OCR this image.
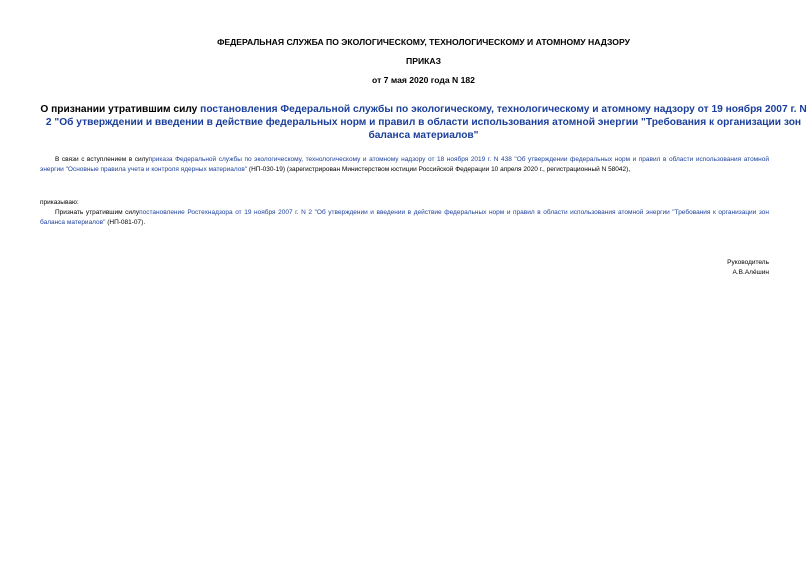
ФЕДЕРАЛЬНАЯ СЛУЖБА ПО ЭКОЛОГИЧЕСКОМУ, ТЕХНОЛОГИЧЕСКОМУ И АТОМНОМУ НАДЗОРУ
ПРИКАЗ
от 7 мая 2020 года N 182
О признании утратившим силу постановления Федеральной службы по экологическому, технологическому и атомному надзору от 19 ноября 2007 г. N 2 "Об утверждении и введении в действие федеральных норм и правил в области использования атомной энергии "Требования к организации зон баланса материалов"
В связи с вступлением в силуприказа Федеральной службы по экологическому, технологическому и атомному надзору от 18 ноября 2019 г. N 438 "Об утверждении федеральных норм и правил в области использования атомной энергии "Основные правила учета и контроля ядерных материалов" (НП-030-19) (зарегистрирован Министерством юстиции Российской Федерации 10 апреля 2020 г., регистрационный N 58042),
приказываю:
Признать утратившим силупостановление Ростехнадзора от 19 ноября 2007 г. N 2 "Об утверждении и введении в действие федеральных норм и правил в области использования атомной энергии "Требования к организации зон баланса материалов" (НП-081-07).
Руководитель
А.В.Алёшин
